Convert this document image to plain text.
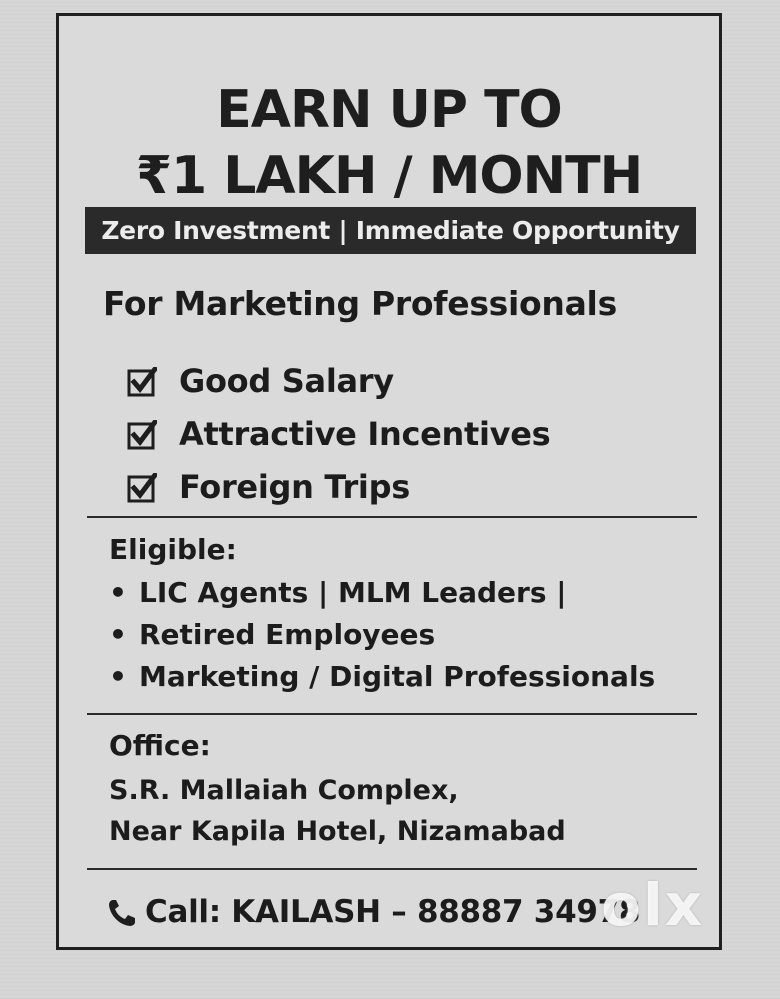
EARN UP TO
₹1 LAKH / MONTH
Zero Investment | Immediate Opportunity
For Marketing Professionals
Good Salary
Attractive Incentives
Foreign Trips
Eligible:
• LIC Agents | MLM Leaders |
• Retired Employees
• Marketing / Digital Professionals
Office:
S.R. Mallaiah Complex,
Near Kapila Hotel, Nizamabad
Call: KAILASH – 88887 34978
olx
